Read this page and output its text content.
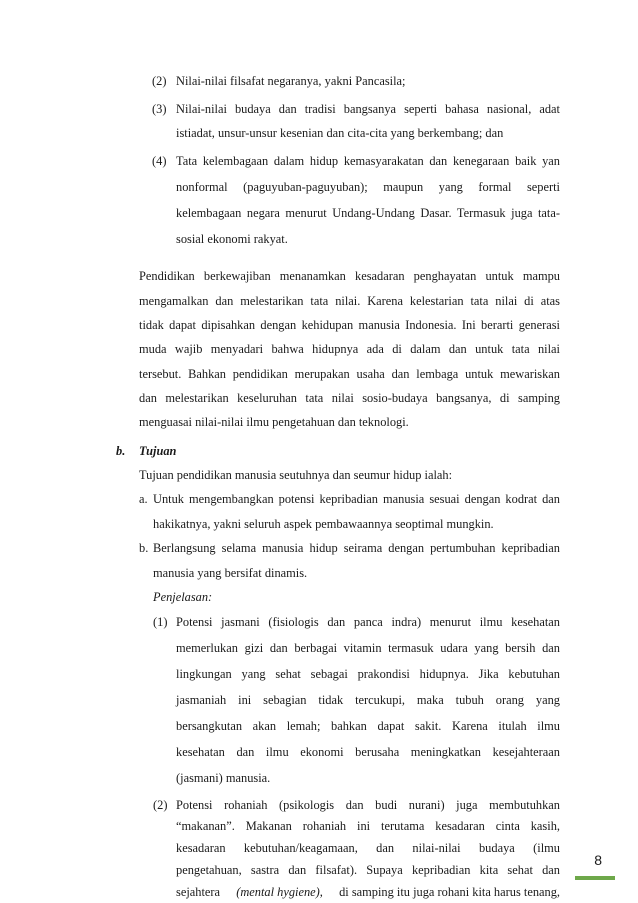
(2) Nilai-nilai filsafat negaranya, yakni Pancasila;
(3) Nilai-nilai budaya dan tradisi bangsanya seperti bahasa nasional, adat
istiadat, unsur-unsur kesenian dan cita-cita yang berkembang; dan
(4) Tata kelembagaan dalam hidup kemasyarakatan dan kenegaraan baik yan
nonformal (paguyuban-paguyuban); maupun yang formal seperti
kelembagaan negara menurut Undang-Undang Dasar. Termasuk juga tata-
sosial ekonomi rakyat.
Pendidikan berkewajiban menanamkan kesadaran penghayatan untuk mampu
mengamalkan dan melestarikan tata nilai. Karena kelestarian tata nilai di atas
tidak dapat dipisahkan dengan kehidupan manusia Indonesia. Ini berarti generasi
muda wajib menyadari bahwa hidupnya ada di dalam dan untuk tata nilai
tersebut. Bahkan pendidikan merupakan usaha dan lembaga untuk mewariskan
dan melestarikan keseluruhan tata nilai sosio-budaya bangsanya, di samping
menguasai nilai-nilai ilmu pengetahuan dan teknologi.
b. Tujuan
Tujuan pendidikan manusia seutuhnya dan seumur hidup ialah:
a. Untuk mengembangkan potensi kepribadian manusia sesuai dengan kodrat dan
hakikatnya, yakni seluruh aspek pembawaannya seoptimal mungkin.
b. Berlangsung selama manusia hidup seirama dengan pertumbuhan kepribadian
manusia yang bersifat dinamis.
Penjelasan:
(1) Potensi jasmani (fisiologis dan panca indra) menurut ilmu kesehatan
memerlukan gizi dan berbagai vitamin termasuk udara yang bersih dan
lingkungan yang sehat sebagai prakondisi hidupnya. Jika kebutuhan
jasmaniah ini sebagian tidak tercukupi, maka tubuh orang yang
bersangkutan akan lemah; bahkan dapat sakit. Karena itulah ilmu
kesehatan dan ilmu ekonomi berusaha meningkatkan kesejahteraan
(jasmani) manusia.
(2) Potensi rohaniah (psikologis dan budi nurani) juga membutuhkan
“makanan”. Makanan rohaniah ini terutama kesadaran cinta kasih,
kesadaran kebutuhan/keagamaan, dan nilai-nilai budaya (ilmu
pengetahuan, sastra dan filsafat). Supaya kepribadian kita sehat dan
sejahtera (mental hygiene), di samping itu juga rohani kita harus tenang,
8
